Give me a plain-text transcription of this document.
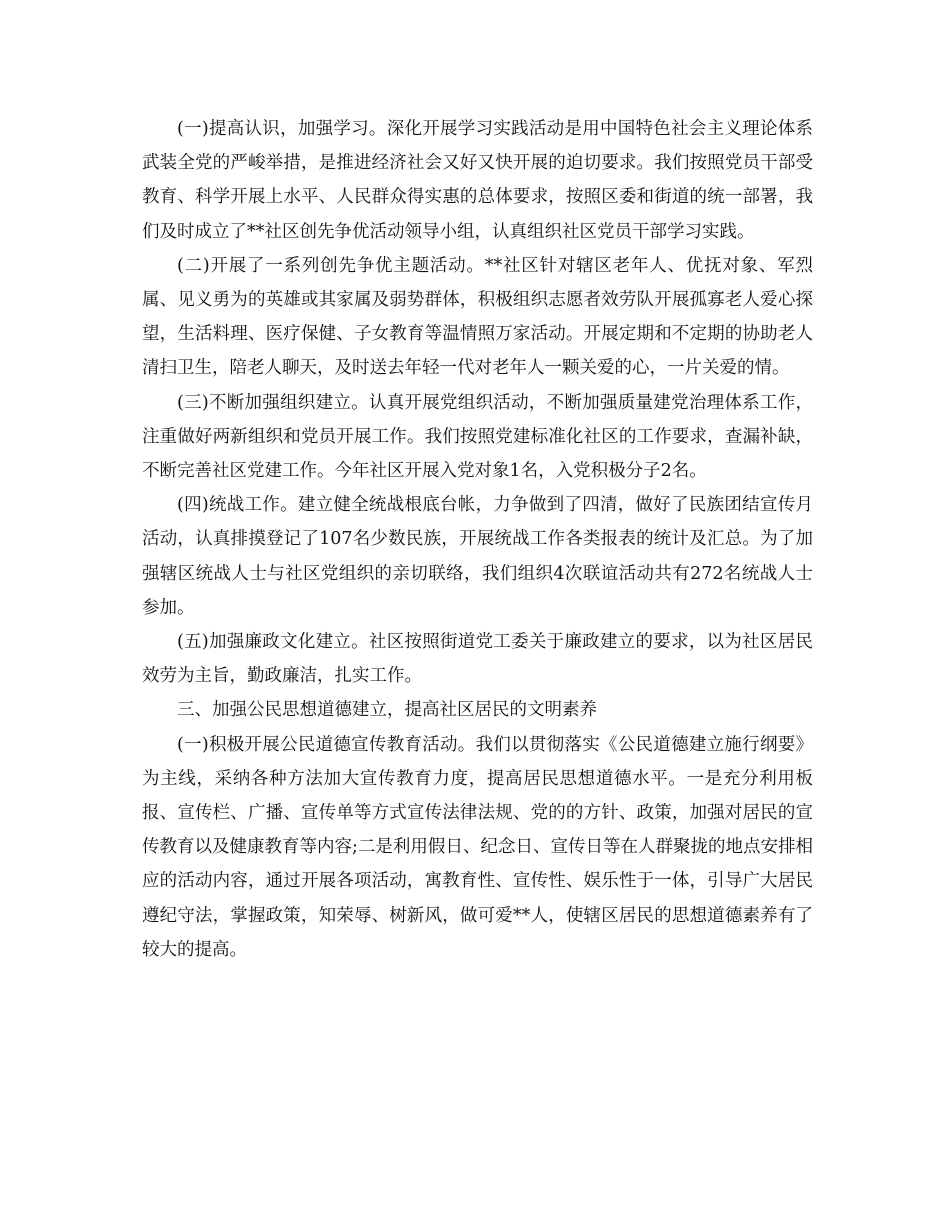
(一)提高认识，加强学习。深化开展学习实践活动是用中国特色社会主义理论体系武装全党的严峻举措，是推进经济社会又好又快开展的迫切要求。我们按照党员干部受教育、科学开展上水平、人民群众得实惠的总体要求，按照区委和街道的统一部署，我们及时成立了**社区创先争优活动领导小组，认真组织社区党员干部学习实践。

(二)开展了一系列创先争优主题活动。**社区针对辖区老年人、优抚对象、军烈属、见义勇为的英雄或其家属及弱势群体，积极组织志愿者效劳队开展孤寡老人爱心探望，生活料理、医疗保健、子女教育等温情照万家活动。开展定期和不定期的协助老人清扫卫生，陪老人聊天，及时送去年轻一代对老年人一颗关爱的心，一片关爱的情。

(三)不断加强组织建立。认真开展党组织活动，不断加强质量建党治理体系工作，注重做好两新组织和党员开展工作。我们按照党建标准化社区的工作要求，查漏补缺，不断完善社区党建工作。今年社区开展入党对象1名，入党积极分子2名。

(四)统战工作。建立健全统战根底台帐，力争做到了四清，做好了民族团结宣传月活动，认真排摸登记了107名少数民族，开展统战工作各类报表的统计及汇总。为了加强辖区统战人士与社区党组织的亲切联络，我们组织4次联谊活动共有272名统战人士参加。

(五)加强廉政文化建立。社区按照街道党工委关于廉政建立的要求，以为社区居民效劳为主旨，勤政廉洁，扎实工作。

三、加强公民思想道德建立，提高社区居民的文明素养

(一)积极开展公民道德宣传教育活动。我们以贯彻落实《公民道德建立施行纲要》为主线，采纳各种方法加大宣传教育力度，提高居民思想道德水平。一是充分利用板报、宣传栏、广播、宣传单等方式宣传法律法规、党的的方针、政策，加强对居民的宣传教育以及健康教育等内容;二是利用假日、纪念日、宣传日等在人群聚拢的地点安排相应的活动内容，通过开展各项活动，寓教育性、宣传性、娱乐性于一体，引导广大居民遵纪守法，掌握政策，知荣辱、树新风，做可爱**人，使辖区居民的思想道德素养有了较大的提高。
